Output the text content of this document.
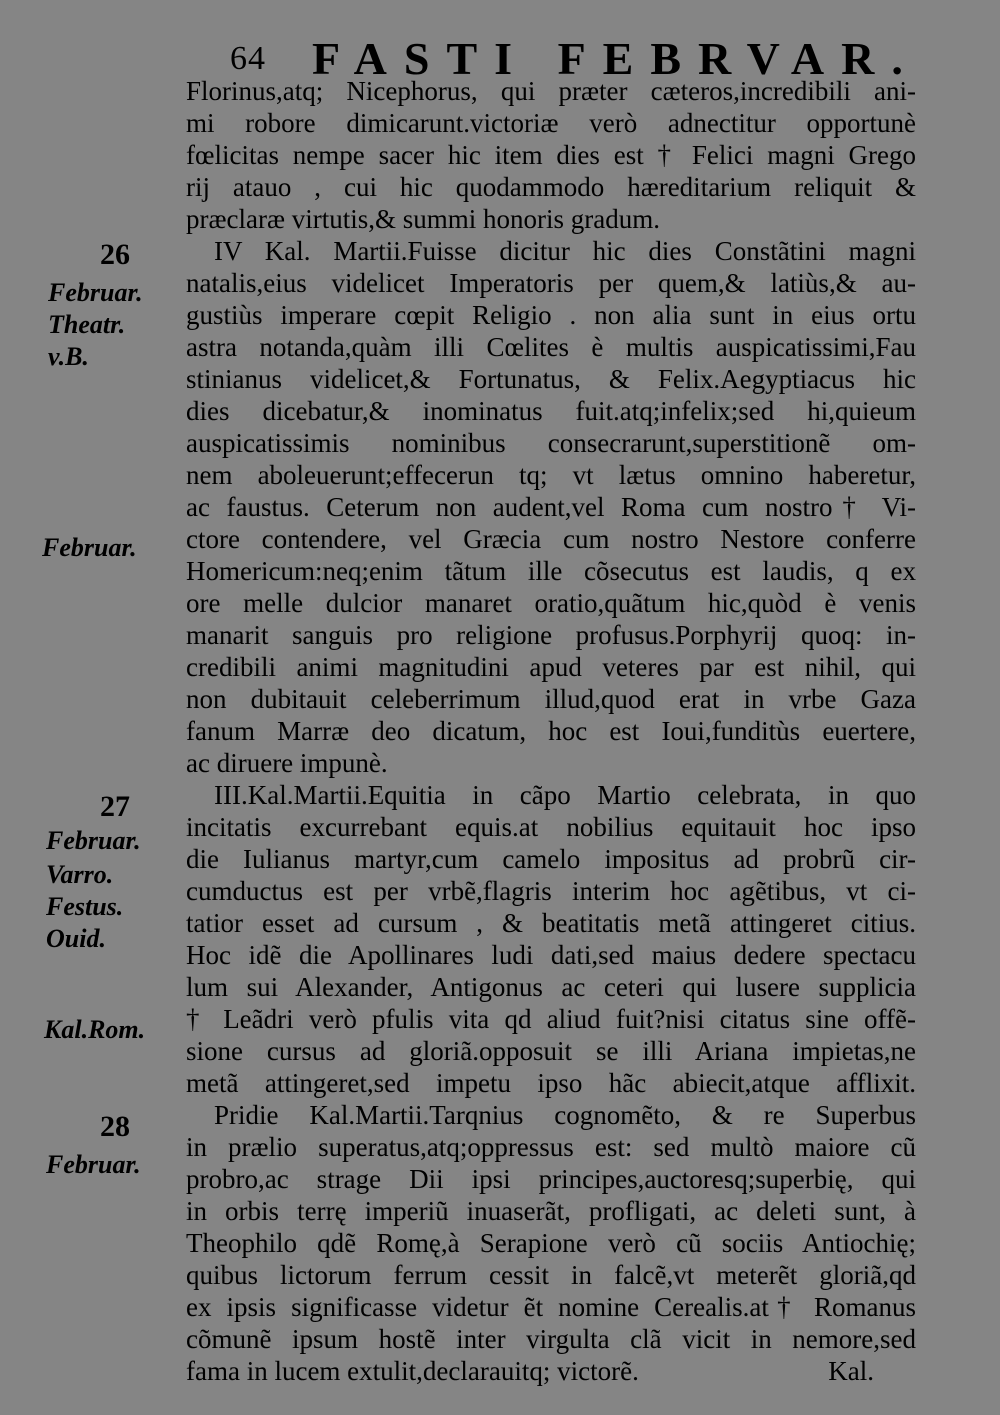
64 FASTI FEBRVAR.
26
Februar.
Theatr.
v.B.
Februar.
27
Februar.
Varro.
Festus.
Ouid.
Kal.Rom.
28
Februar.
Florinus,atq; Nicephorus, qui præter cæteros,incredibili ani-
mi robore dimicarunt.victoriæ verò adnectitur opportunè
fœlicitas nempe sacer hic item dies est † Felici magni Grego
rij atauo , cui hic quodammodo hæreditarium reliquit &
præclaræ virtutis,& summi honoris gradum.
IV Kal. Martii.Fuisse dicitur hic dies Constãtini magni
natalis,eius videlicet Imperatoris per quem,& latiùs,& au-
gustiùs imperare cœpit Religio . non alia sunt in eius ortu
astra notanda,quàm illi Cœlites è multis auspicatissimi,Fau
stinianus videlicet,& Fortunatus, & Felix.Aegyptiacus hic
dies dicebatur,& inominatus fuit.atq;infelix;sed hi,quieum
auspicatissimis nominibus consecrarunt,superstitionẽ om-
nem aboleuerunt;effecerun tq; vt lætus omnino haberetur,
ac faustus. Ceterum non audent,vel Roma cum nostro† Vi-
ctore contendere, vel Græcia cum nostro Nestore conferre
Homericum:neq;enim tãtum ille cõsecutus est laudis, q ex
ore melle dulcior manaret oratio,quãtum hic,quòd è venis
manarit sanguis pro religione profusus.Porphyrij quoq: in-
credibili animi magnitudini apud veteres par est nihil, qui
non dubitauit celeberrimum illud,quod erat in vrbe Gaza
fanum Marræ deo dicatum, hoc est Ioui,funditùs euertere,
ac diruere impunè.
III.Kal.Martii.Equitia in cãpo Martio celebrata, in quo
incitatis excurrebant equis.at nobilius equitauit hoc ipso
die Iulianus martyr,cum camelo impositus ad probrũ cir-
cumductus est per vrbẽ,flagris interim hoc agẽtibus, vt ci-
tatior esset ad cursum , & beatitatis metã attingeret citius.
Hoc idẽ die Apollinares ludi dati,sed maius dedere spectacu
lum sui Alexander, Antigonus ac ceteri qui lusere supplicia
† Leãdri verò pfulis vita qd aliud fuit?nisi citatus sine offẽ-
sione cursus ad gloriã.opposuit se illi Ariana impietas,ne
metã attingeret,sed impetu ipso hãc abiecit,atque afflixit.
Pridie Kal.Martii.Tarqnius cognomẽto, & re Superbus
in prælio superatus,atq;oppressus est: sed multò maiore cũ
probro,ac strage Dii ipsi principes,auctoresq;superbię, qui
in orbis terrę imperiũ inuaserãt, profligati, ac deleti sunt, à
Theophilo qdẽ Romę,à Serapione verò cũ sociis Antiochię;
quibus lictorum ferrum cessit in falcẽ,vt meterẽt gloriã,qd
ex ipsis significasse videtur ẽt nomine Cerealis.at† Romanus
cõmunẽ ipsum hostẽ inter virgulta clã vicit in nemore,sed
fama in lucem extulit,declarauitq; victorẽ.	Kal.
